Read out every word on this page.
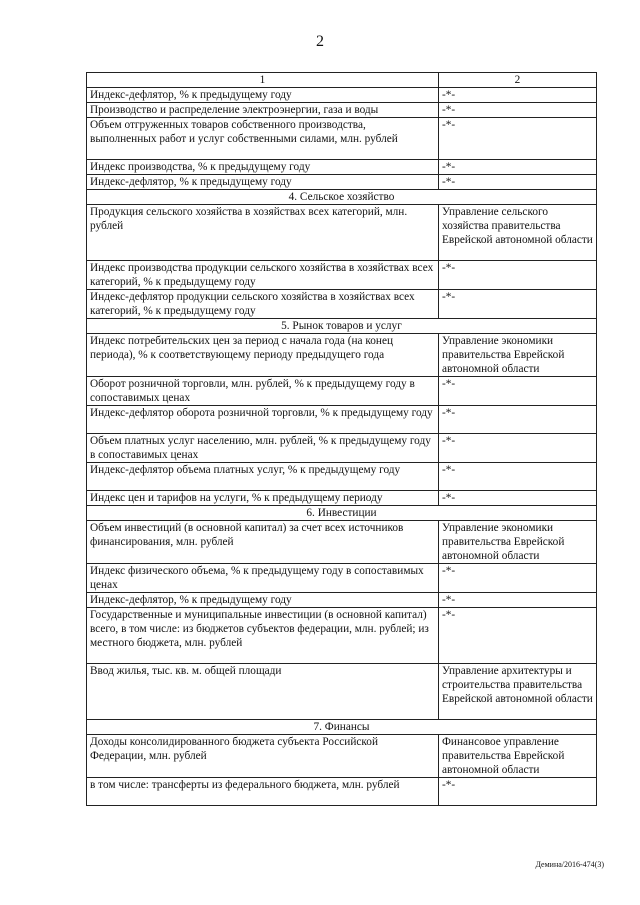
2
1	2
Индекс-дефлятор, % к предыдущему году	-*-
Производство и распределение электроэнергии, газа и воды	-*-
Объем отгруженных товаров собственного производства, выполненных работ и услуг собственными силами, млн. рублей	-*-
Индекс производства, % к предыдущему году	-*-
Индекс-дефлятор, % к предыдущему году	-*-
4. Сельское хозяйство	
Продукция сельского хозяйства в хозяйствах всех категорий, млн. рублей	Управление сельского хозяйства правительства Еврейской автономной области
Индекс производства продукции сельского хозяйства в хозяйствах всех категорий, % к предыдущему году	-*-
Индекс-дефлятор продукции сельского хозяйства в хозяйствах всех категорий, % к предыдущему году	-*-
5. Рынок товаров и услуг	
Индекс потребительских цен за период с начала года (на конец периода), % к соответствующему периоду предыдущего года	Управление экономики правительства Еврейской автономной области
Оборот розничной торговли, млн. рублей, % к предыдущему году в сопоставимых ценах	-*-
Индекс-дефлятор оборота розничной торговли, % к предыдущему году	-*-
Объем платных услуг населению, млн. рублей, % к предыдущему году в сопоставимых ценах	-*-
Индекс-дефлятор объема платных услуг, % к предыдущему году	-*-
Индекс цен и тарифов на услуги, % к предыдущему периоду	-*-
6. Инвестиции	
Объем инвестиций (в основной капитал) за счет всех источников финансирования, млн. рублей	Управление экономики правительства Еврейской автономной области
Индекс физического объема, % к предыдущему году в сопоставимых ценах	-*-
Индекс-дефлятор, % к предыдущему году	-*-
Государственные и муниципальные инвестиции (в основной капитал) всего, в том числе: из бюджетов субъектов федерации, млн. рублей; из местного бюджета, млн. рублей	-*-
Ввод жилья, тыс. кв. м. общей площади	Управление архитектуры и строительства правительства Еврейской автономной области
7. Финансы	
Доходы консолидированного бюджета субъекта Российской Федерации, млн. рублей	Финансовое управление правительства Еврейской автономной области
в том числе: трансферты из федерального бюджета, млн. рублей	-*-
Демина/2016-474(3)
